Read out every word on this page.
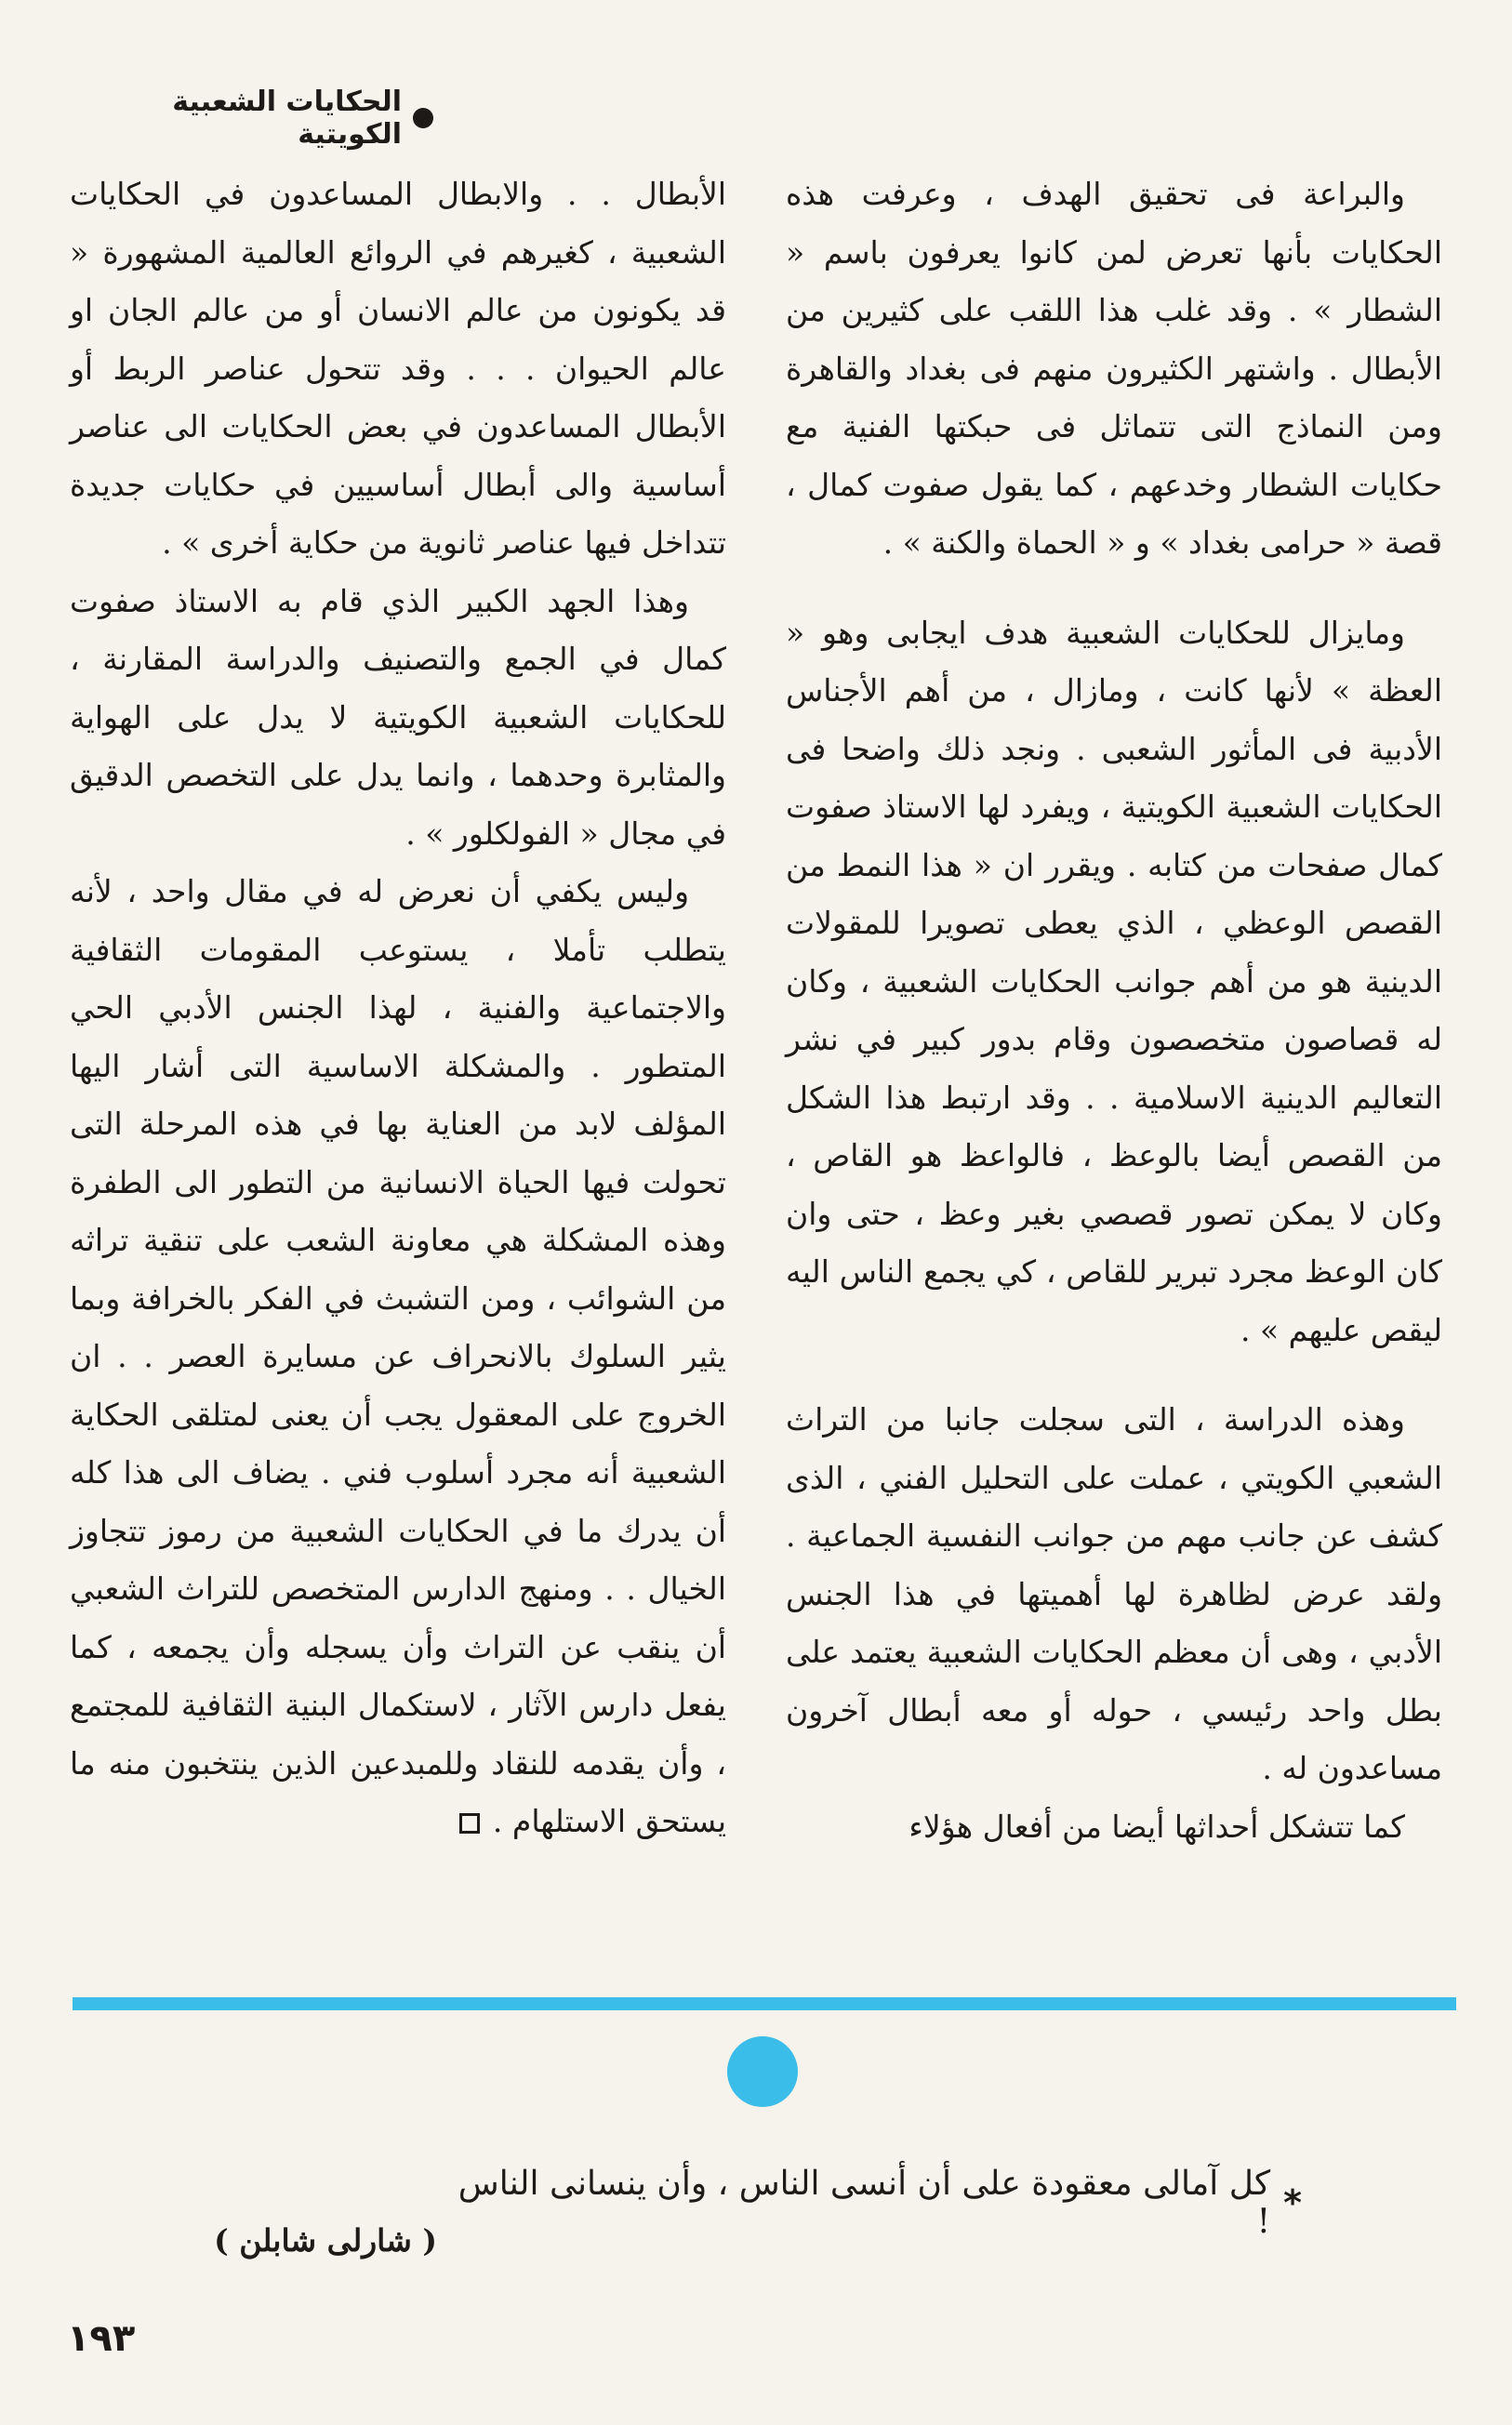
الحكايات الشعبية الكويتية

والبراعة فى تحقيق الهدف ، وعرفت هذه الحكايات بأنها تعرض لمن كانوا يعرفون باسم « الشطار » . وقد غلب هذا اللقب على كثيرين من الأبطال . واشتهر الكثيرون منهم فى بغداد والقاهرة ومن النماذج التى تتماثل فى حبكتها الفنية مع حكايات الشطار وخدعهم ، كما يقول صفوت كمال ، قصة « حرامى بغداد » و « الحماة والكنة » .

ومايزال للحكايات الشعبية هدف ايجابى وهو « العظة » لأنها كانت ، ومازال ، من أهم الأجناس الأدبية فى المأثور الشعبى . ونجد ذلك واضحا فى الحكايات الشعبية الكويتية ، ويفرد لها الاستاذ صفوت كمال صفحات من كتابه . ويقرر ان « هذا النمط من القصص الوعظي ، الذي يعطى تصويرا للمقولات الدينية هو من أهم جوانب الحكايات الشعبية ، وكان له قصاصون متخصصون وقام بدور كبير في نشر التعاليم الدينية الاسلامية . . وقد ارتبط هذا الشكل من القصص أيضا بالوعظ ، فالواعظ هو القاص ، وكان لا يمكن تصور قصصي بغير وعظ ، حتى وان كان الوعظ مجرد تبرير للقاص ، كي يجمع الناس اليه ليقص عليهم » .

وهذه الدراسة ، التى سجلت جانبا من التراث الشعبي الكويتي ، عملت على التحليل الفني ، الذى كشف عن جانب مهم من جوانب النفسية الجماعية . ولقد عرض لظاهرة لها أهميتها في هذا الجنس الأدبي ، وهى أن معظم الحكايات الشعبية يعتمد على بطل واحد رئيسي ، حوله أو معه أبطال آخرون مساعدون له .

كما تتشكل أحداثها أيضا من أفعال هؤلاء

الأبطال . . والابطال المساعدون في الحكايات الشعبية ، كغيرهم في الروائع العالمية المشهورة « قد يكونون من عالم الانسان أو من عالم الجان او عالم الحيوان . . . وقد تتحول عناصر الربط أو الأبطال المساعدون في بعض الحكايات الى عناصر أساسية والى أبطال أساسيين في حكايات جديدة تتداخل فيها عناصر ثانوية من حكاية أخرى » .

وهذا الجهد الكبير الذي قام به الاستاذ صفوت كمال في الجمع والتصنيف والدراسة المقارنة ، للحكايات الشعبية الكويتية لا يدل على الهواية والمثابرة وحدهما ، وانما يدل على التخصص الدقيق في مجال « الفولكلور » .

وليس يكفي أن نعرض له في مقال واحد ، لأنه يتطلب تأملا ، يستوعب المقومات الثقافية والاجتماعية والفنية ، لهذا الجنس الأدبي الحي المتطور . والمشكلة الاساسية التى أشار اليها المؤلف لابد من العناية بها في هذه المرحلة التى تحولت فيها الحياة الانسانية من التطور الى الطفرة وهذه المشكلة هي معاونة الشعب على تنقية تراثه من الشوائب ، ومن التشبث في الفكر بالخرافة وبما يثير السلوك بالانحراف عن مسايرة العصر . . ان الخروج على المعقول يجب أن يعنى لمتلقى الحكاية الشعبية أنه مجرد أسلوب فني . يضاف الى هذا كله أن يدرك ما في الحكايات الشعبية من رموز تتجاوز الخيال . . ومنهج الدارس المتخصص للتراث الشعبي أن ينقب عن التراث وأن يسجله وأن يجمعه ، كما يفعل دارس الآثار ، لاستكمال البنية الثقافية للمجتمع ، وأن يقدمه للنقاد وللمبدعين الذين ينتخبون منه ما يستحق الاستلهام .

*
كل آمالى معقودة على أن أنسى الناس ، وأن ينسانى الناس !
( شارلى شابلن )
١٩٣
